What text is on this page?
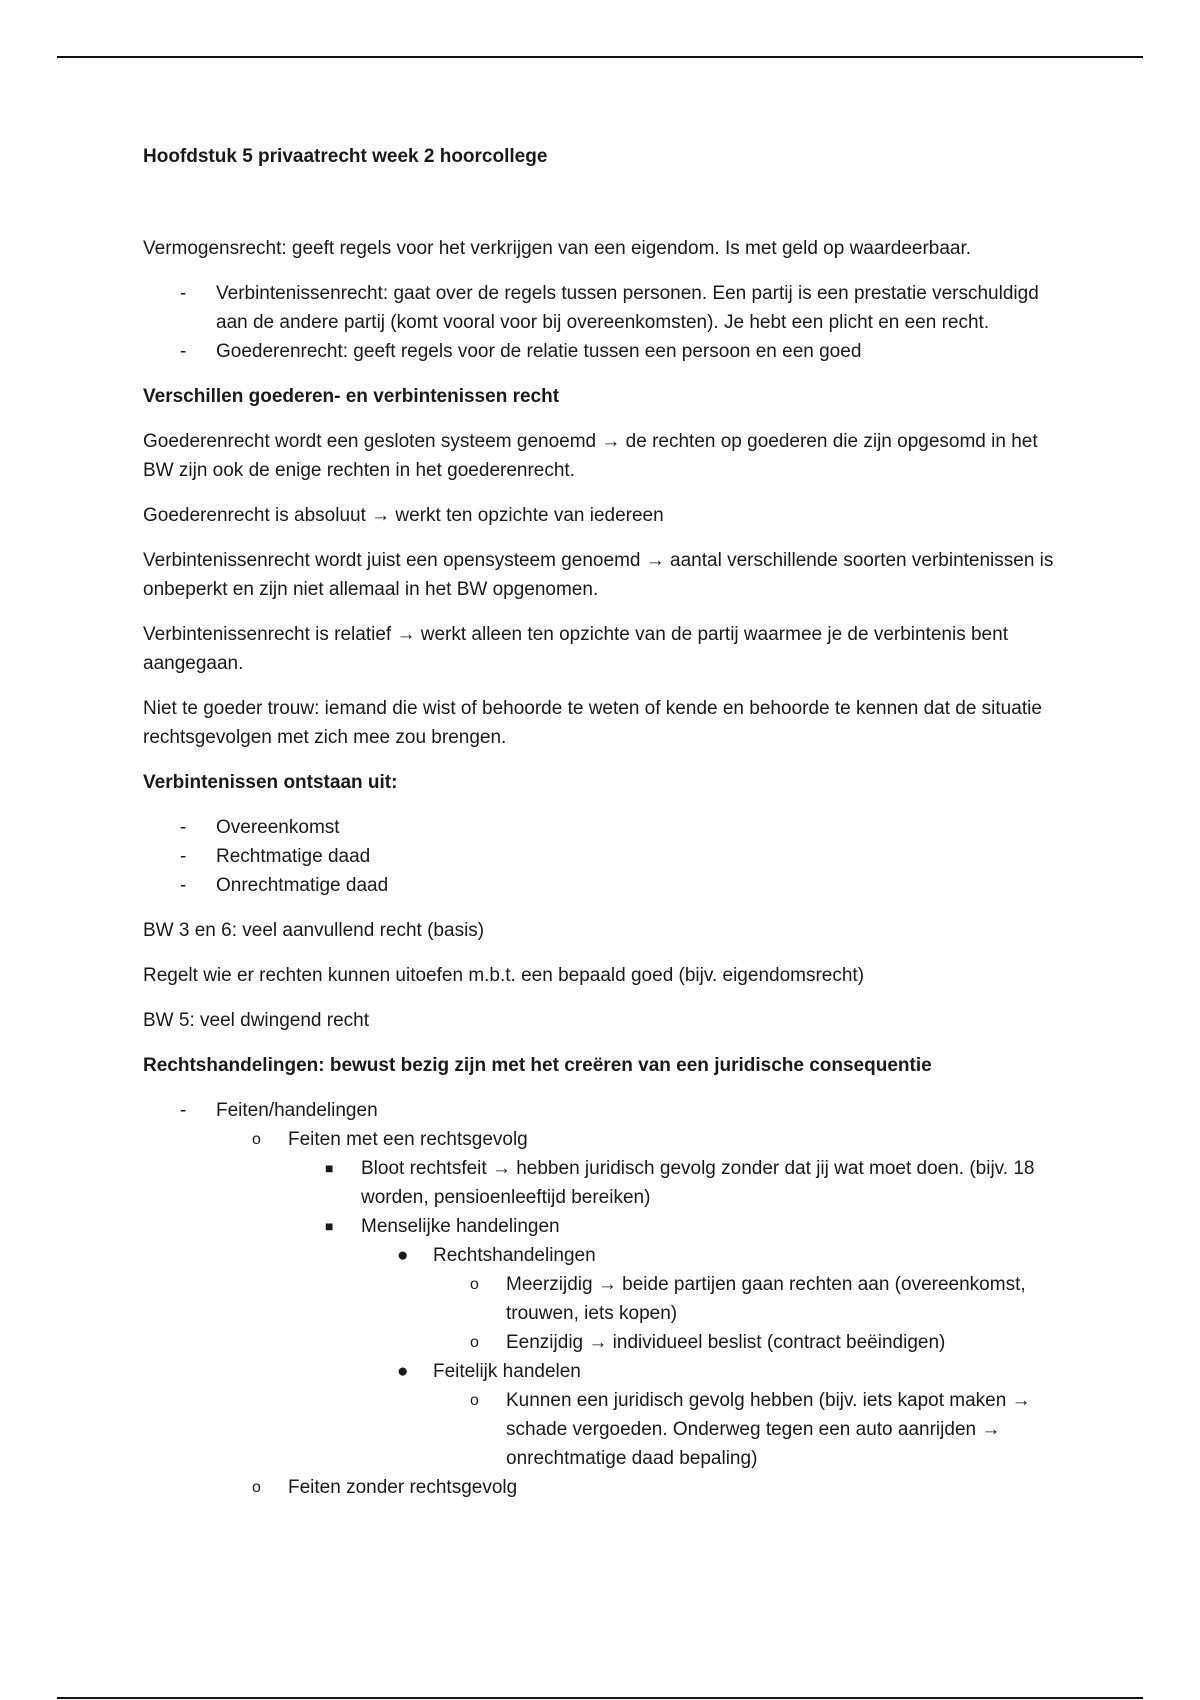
Hoofdstuk 5 privaatrecht week 2 hoorcollege

Vermogensrecht: geeft regels voor het verkrijgen van een eigendom. Is met geld op waardeerbaar.

- Verbintenissenrecht: gaat over de regels tussen personen. Een partij is een prestatie verschuldigd aan de andere partij (komt vooral voor bij overeenkomsten). Je hebt een plicht en een recht.
- Goederenrecht: geeft regels voor de relatie tussen een persoon en een goed

Verschillen goederen- en verbintenissen recht

Goederenrecht wordt een gesloten systeem genoemd → de rechten op goederen die zijn opgesomd in het BW zijn ook de enige rechten in het goederenrecht.

Goederenrecht is absoluut → werkt ten opzichte van iedereen

Verbintenissenrecht wordt juist een opensysteem genoemd → aantal verschillende soorten verbintenissen is onbeperkt en zijn niet allemaal in het BW opgenomen.

Verbintenissenrecht is relatief → werkt alleen ten opzichte van de partij waarmee je de verbintenis bent aangegaan.

Niet te goeder trouw: iemand die wist of behoorde te weten of kende en behoorde te kennen dat de situatie rechtsgevolgen met zich mee zou brengen.

Verbintenissen ontstaan uit:

- Overeenkomst
- Rechtmatige daad
- Onrechtmatige daad

BW 3 en 6: veel aanvullend recht (basis)

Regelt wie er rechten kunnen uitoefen m.b.t. een bepaald goed (bijv. eigendomsrecht)

BW 5: veel dwingend recht

Rechtshandelingen: bewust bezig zijn met het creëren van een juridische consequentie

- Feiten/handelingen
o Feiten met een rechtsgevolg
■ Bloot rechtsfeit → hebben juridisch gevolg zonder dat jij wat moet doen. (bijv. 18 worden, pensioenleeftijd bereiken)
■ Menselijke handelingen
● Rechtshandelingen
o Meerzijdig → beide partijen gaan rechten aan (overeenkomst, trouwen, iets kopen)
o Eenzijdig → individueel beslist (contract beëindigen)
● Feitelijk handelen
o Kunnen een juridisch gevolg hebben (bijv. iets kapot maken → schade vergoeden. Onderweg tegen een auto aanrijden → onrechtmatige daad bepaling)
o Feiten zonder rechtsgevolg
